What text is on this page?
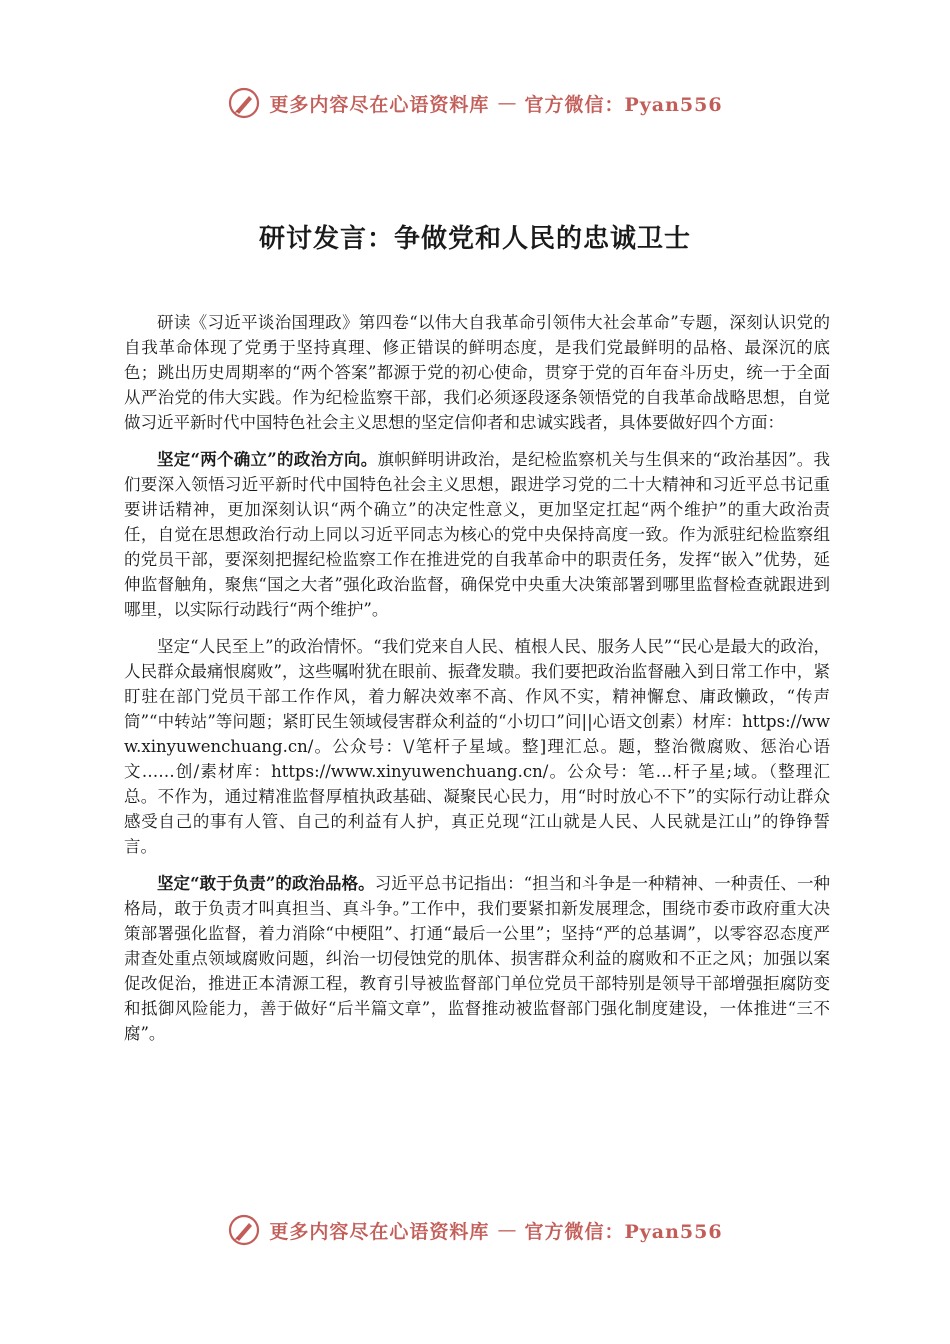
更多内容尽在心语资料库 — 官方微信：Pyan556
研讨发言：争做党和人民的忠诚卫士

研读《习近平谈治国理政》第四卷“以伟大自我革命引领伟大社会革命”专题，深刻认识党的自我革命体现了党勇于坚持真理、修正错误的鲜明态度，是我们党最鲜明的品格、最深沉的底色；跳出历史周期率的“两个答案”都源于党的初心使命，贯穿于党的百年奋斗历史，统一于全面从严治党的伟大实践。作为纪检监察干部，我们必须逐段逐条领悟党的自我革命战略思想，自觉做习近平新时代中国特色社会主义思想的坚定信仰者和忠诚实践者，具体要做好四个方面：

坚定“两个确立”的政治方向。旗帜鲜明讲政治，是纪检监察机关与生俱来的“政治基因”。我们要深入领悟习近平新时代中国特色社会主义思想，跟进学习党的二十大精神和习近平总书记重要讲话精神，更加深刻认识“两个确立”的决定性意义，更加坚定扛起“两个维护”的重大政治责任，自觉在思想政治行动上同以习近平同志为核心的党中央保持高度一致。作为派驻纪检监察组的党员干部，要深刻把握纪检监察工作在推进党的自我革命中的职责任务，发挥“嵌入”优势，延伸监督触角，聚焦“国之大者”强化政治监督，确保党中央重大决策部署到哪里监督检查就跟进到哪里，以实际行动践行“两个维护”。

坚定“人民至上”的政治情怀。“我们党来自人民、植根人民、服务人民”“民心是最大的政治，人民群众最痛恨腐败”，这些嘱咐犹在眼前、振聋发聩。我们要把政治监督融入到日常工作中，紧盯驻在部门党员干部工作作风，着力解决效率不高、作风不实，精神懈怠、庸政懒政，“传声筒”“中转站”等问题；紧盯民生领域侵害群众利益的“小切口”问||心语文创素）材库：https://www.xinyuwenchuang.cn/。公众号：\/笔杆子星域。整]理汇总。题，整治微腐败、惩治心语文……创/素材库：https://www.xinyuwenchuang.cn/。公众号：笔…杆子星;域。（整理汇总。不作为，通过精准监督厚植执政基础、凝聚民心民力，用“时时放心不下”的实际行动让群众感受自己的事有人管、自己的利益有人护，真正兑现“江山就是人民、人民就是江山”的铮铮誓言。

坚定“敢于负责”的政治品格。习近平总书记指出：“担当和斗争是一种精神、一种责任、一种格局，敢于负责才叫真担当、真斗争。”工作中，我们要紧扣新发展理念，围绕市委市政府重大决策部署强化监督，着力消除“中梗阻”、打通“最后一公里”；坚持“严的总基调”，以零容忍态度严肃查处重点领域腐败问题，纠治一切侵蚀党的肌体、损害群众利益的腐败和不正之风；加强以案促改促治，推进正本清源工程，教育引导被监督部门单位党员干部特别是领导干部增强拒腐防变和抵御风险能力，善于做好“后半篇文章”，监督推动被监督部门强化制度建设，一体推进“三不腐”。

更多内容尽在心语资料库 — 官方微信：Pyan556
